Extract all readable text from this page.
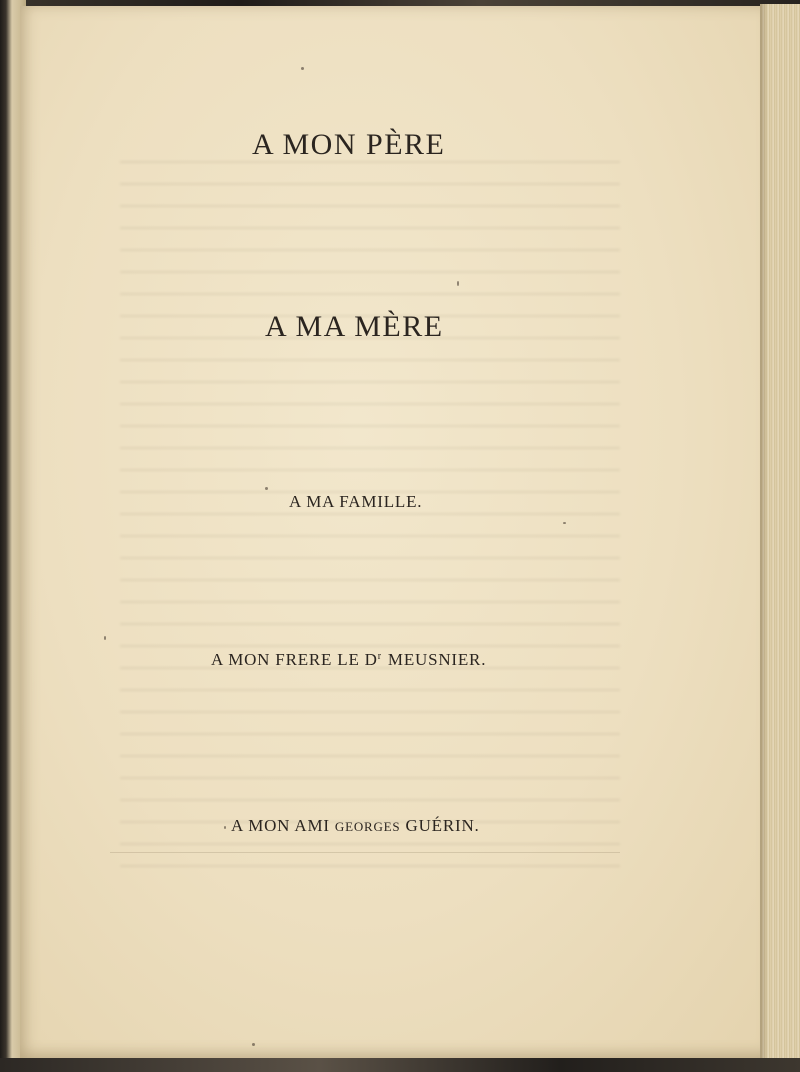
A MON PÈRE
A MA MÈRE
A MA FAMILLE.
A MON FRERE LE $D^r$ MEUSNIER.
A MON AMI GEORGES GUÉRIN.
